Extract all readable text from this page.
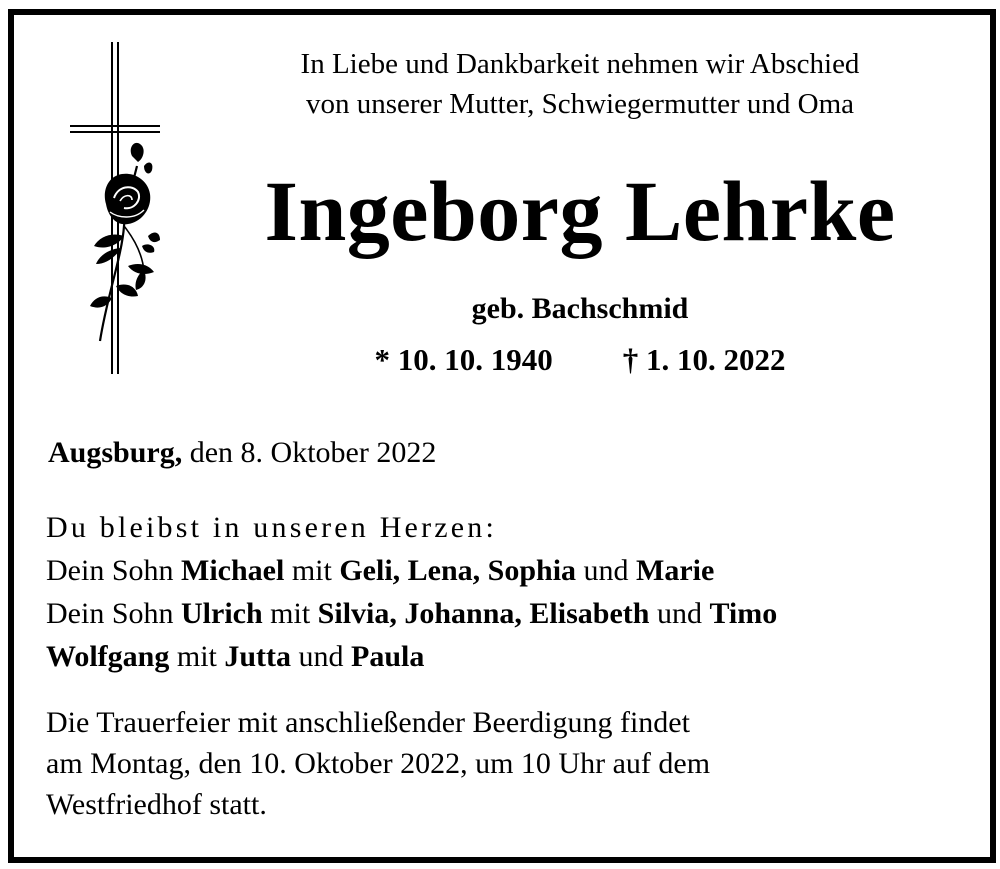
In Liebe und Dankbarkeit nehmen wir Abschied
von unserer Mutter, Schwiegermutter und Oma
Ingeborg Lehrke
geb. Bachschmid
* 10. 10. 1940 † 1. 10. 2022
Augsburg, den 8. Oktober 2022
Du bleibst in unseren Herzen:
Dein Sohn Michael mit Geli, Lena, Sophia und Marie
Dein Sohn Ulrich mit Silvia, Johanna, Elisabeth und Timo
Wolfgang mit Jutta und Paula
Die Trauerfeier mit anschließender Beerdigung findet
am Montag, den 10. Oktober 2022, um 10 Uhr auf dem
Westfriedhof statt.
